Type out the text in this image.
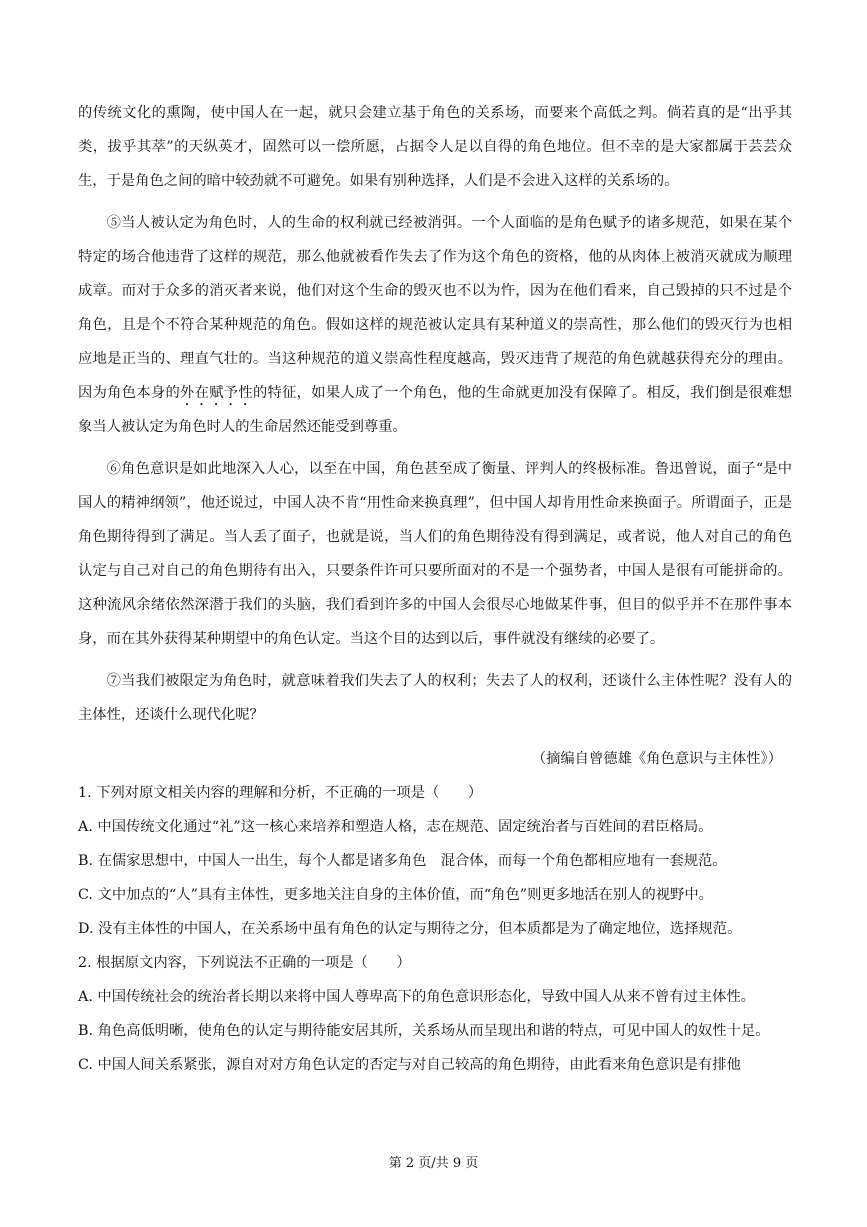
的传统文化的熏陶，使中国人在一起，就只会建立基于角色的关系场，而要来个高低之判。倘若真的是“出乎其类，拔乎其萃”的天纵英才，固然可以一偿所愿，占据令人足以自得的角色地位。但不幸的是大家都属于芸芸众生，于是角色之间的暗中较劲就不可避免。如果有别种选择，人们是不会进入这样的关系场的。

⑤当人被认定为角色时，人的生命的权利就已经被消弭。一个人面临的是角色赋予的诸多规范，如果在某个特定的场合他违背了这样的规范，那么他就被看作失去了作为这个角色的资格，他的从肉体上被消灭就成为顺理成章。而对于众多的消灭者来说，他们对这个生命的毁灭也不以为忤，因为在他们看来，自己毁掉的只不过是个角色，且是个不符合某种规范的角色。假如这样的规范被认定具有某种道义的崇高性，那么他们的毁灭行为也相应地是正当的、理直气壮的。当这种规范的道义崇高性程度越高，毁灭违背了规范的角色就越获得充分的理由。因为角色本身的外在赋予性的特征，如果人成了一个角色，他的生命就更加没有保障了。相反，我们倒是很难想象当人被认定为角色时人的生命居然还能受到尊重。

⑥角色意识是如此地深入人心，以至在中国，角色甚至成了衡量、评判人的终极标准。鲁迅曾说，面子“是中国人的精神纲领”，他还说过，中国人决不肯“用性命来换真理”，但中国人却肯用性命来换面子。所谓面子，正是角色期待得到了满足。当人丢了面子，也就是说，当人们的角色期待没有得到满足，或者说，他人对自己的角色认定与自己对自己的角色期待有出入，只要条件许可只要所面对的不是一个强势者，中国人是很有可能拼命的。这种流风余绪依然深潜于我们的头脑，我们看到许多的中国人会很尽心地做某件事，但目的似乎并不在那件事本身，而在其外获得某种期望中的角色认定。当这个目的达到以后，事件就没有继续的必要了。

⑦当我们被限定为角色时，就意味着我们失去了人的权利；失去了人的权利，还谈什么主体性呢？没有人的主体性，还谈什么现代化呢？

（摘编自曾德雄《角色意识与主体性》）

1. 下列对原文相关内容的理解和分析，不正确的一项是（　　）

A. 中国传统文化通过“礼”这一核心来培养和塑造人格，志在规范、固定统治者与百姓间的君臣格局。

B. 在儒家思想中，中国人一出生，每个人都是诸多角色　混合体，而每一个角色都相应地有一套规范。

C. 文中加点的“人”具有主体性，更多地关注自身的主体价值，而“角色”则更多地活在别人的视野中。

D. 没有主体性的中国人，在关系场中虽有角色的认定与期待之分，但本质都是为了确定地位，选择规范。

2. 根据原文内容，下列说法不正确的一项是（　　）

A. 中国传统社会的统治者长期以来将中国人尊卑高下的角色意识形态化，导致中国人从来不曾有过主体性。

B. 角色高低明晰，使角色的认定与期待能安居其所，关系场从而呈现出和谐的特点，可见中国人的奴性十足。

C. 中国人间关系紧张，源自对对方角色认定的否定与对自己较高的角色期待，由此看来角色意识是有排他

第 2 页/共 9 页
